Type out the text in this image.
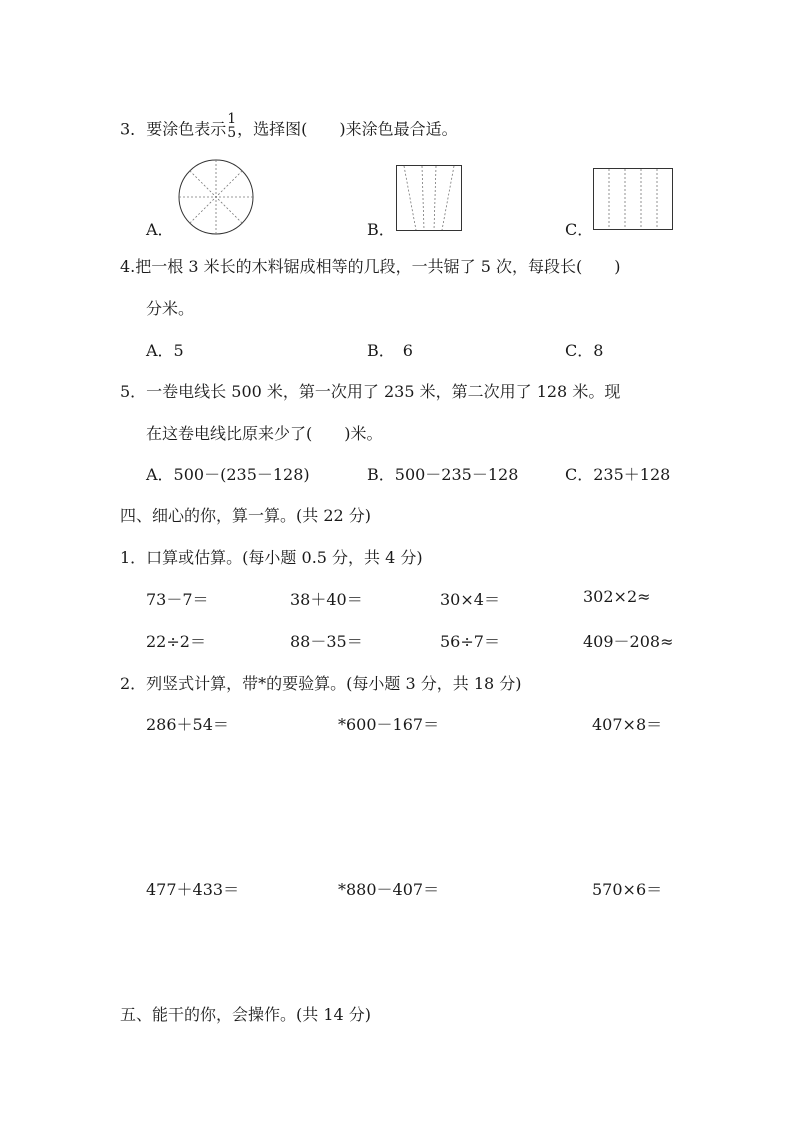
3．要涂色表示
1
5 ，选择图(　　)来涂色最合适。
A．	B．	C．
4.把一根 3 米长的木料锯成相等的几段，一共锯了 5 次，每段长(　　)
分米。
A．5	B．　6	C．8
5．一卷电线长 500 米，第一次用了 235 米，第二次用了 128 米。现
在这卷电线比原来少了(　　)米。
A．500－(235－128)	B．500－235－128	C．235＋128
四、细心的你，算一算。(共 22 分)
1．口算或估算。(每小题 0.5 分，共 4 分)
73－7＝	38＋40＝	30×4＝	302×2≈
22÷2＝	88－35＝	56÷7＝	409－208≈
2．列竖式计算，带*的要验算。(每小题 3 分，共 18 分)
286＋54＝	*600－167＝	407×8＝
477＋433＝	*880－407＝	570×6＝
五、能干的你，会操作。(共 14 分)
